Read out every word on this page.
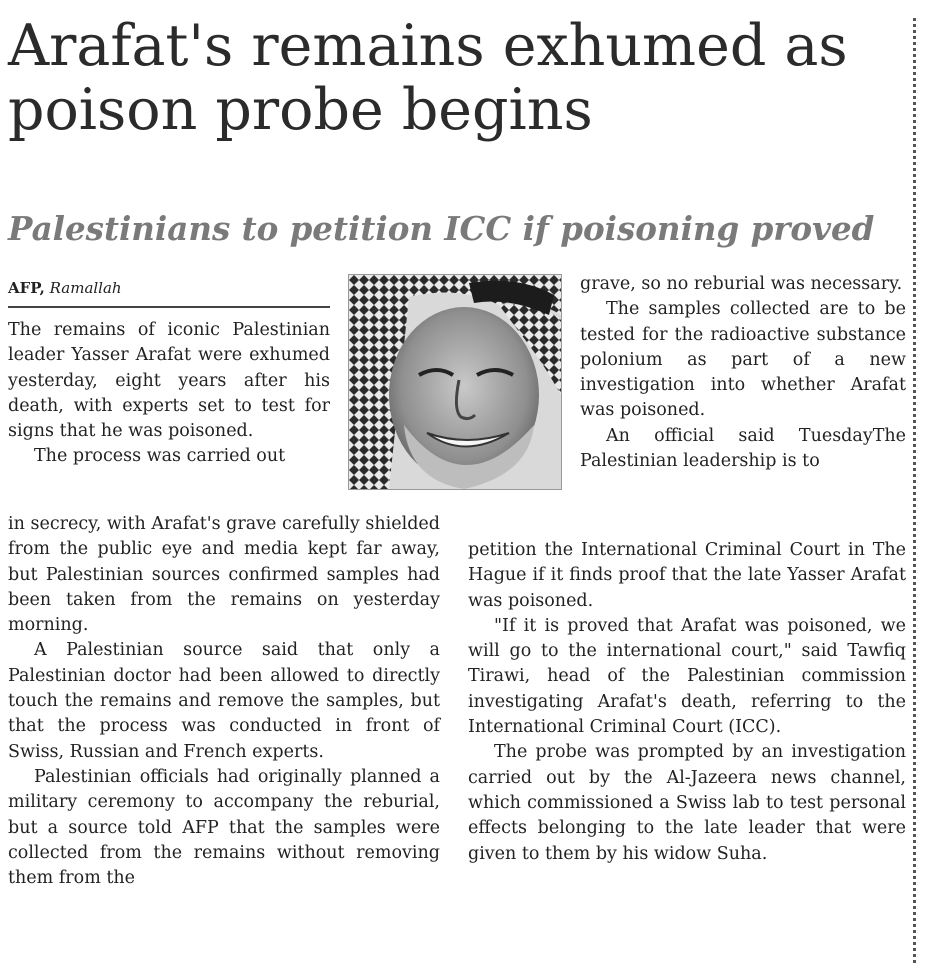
Arafat's remains exhumed as poison probe begins
Palestinians to petition ICC if poisoning proved
AFP, Ramallah

The remains of iconic Palestinian leader Yasser Arafat were exhumed yesterday, eight years after his death, with experts set to test for signs that he was poisoned.

The process was carried out

in secrecy, with Arafat's grave carefully shielded from the public eye and media kept far away, but Palestinian sources confirmed samples had been taken from the remains on yesterday morning.

A Palestinian source said that only a Palestinian doctor had been allowed to directly touch the remains and remove the samples, but that the process was conducted in front of Swiss, Russian and French experts.

Palestinian officials had originally planned a military ceremony to accompany the reburial, but a source told AFP that the samples were collected from the remains without removing them from the

grave, so no reburial was necessary.

The samples collected are to be tested for the radioactive substance polonium as part of a new investigation into whether Arafat was poisoned.

An official said TuesdayThe Palestinian leadership is to

petition the International Criminal Court in The Hague if it finds proof that the late Yasser Arafat was poisoned.

"If it is proved that Arafat was poisoned, we will go to the international court," said Tawfiq Tirawi, head of the Palestinian commission investigating Arafat's death, referring to the International Criminal Court (ICC).

The probe was prompted by an investigation carried out by the Al-Jazeera news channel, which commissioned a Swiss lab to test personal effects belonging to the late leader that were given to them by his widow Suha.
